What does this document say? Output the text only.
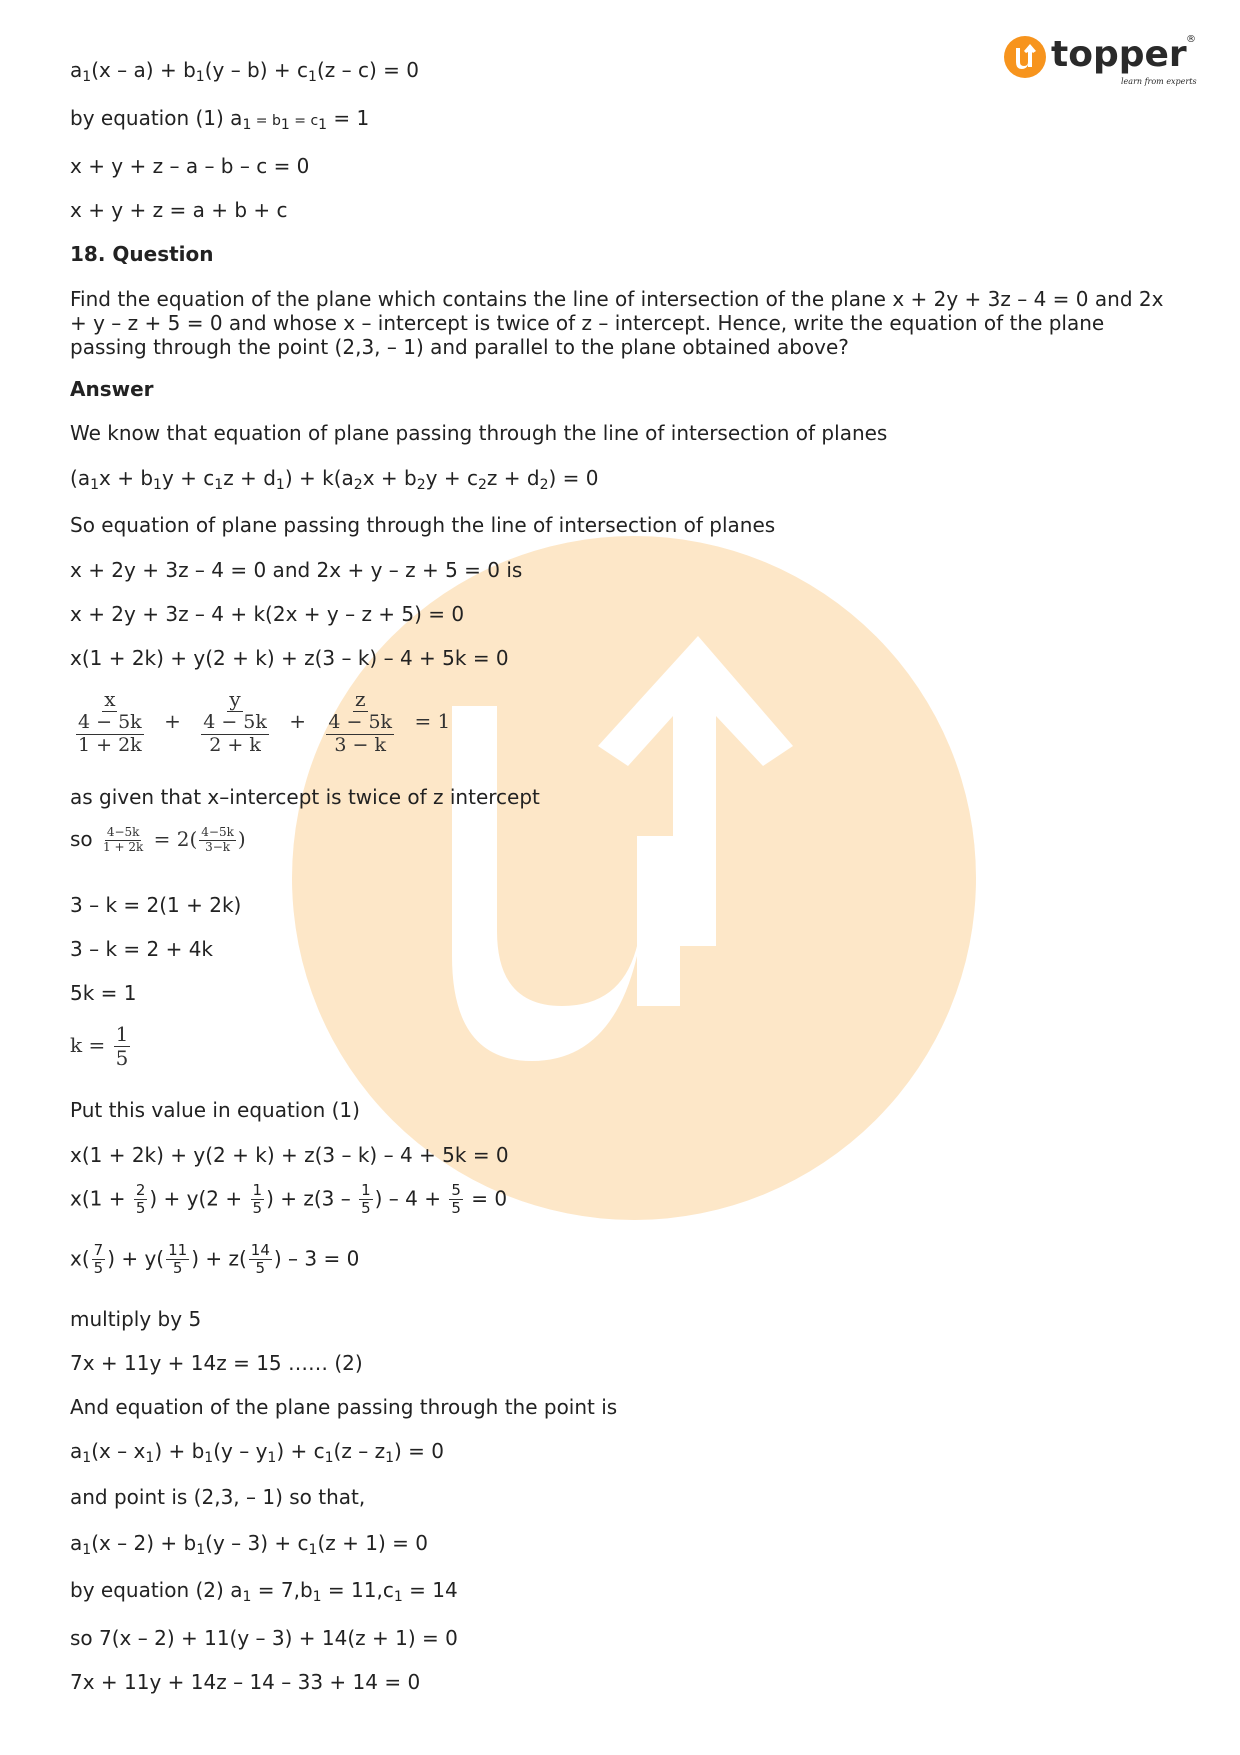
topper ®
learn from experts
$a_1(x - a) + b_1(y - b) + c_1(z - c) = 0$
by equation (1) $a_1 = b_1 = c_1 = 1$
x + y + z – a – b – c = 0
x + y + z = a + b + c
18. Question
Find the equation of the plane which contains the line of intersection of the plane x + 2y + 3z – 4 = 0 and 2x + y – z + 5 = 0 and whose x – intercept is twice of z – intercept. Hence, write the equation of the plane passing through the point (2,3, – 1) and parallel to the plane obtained above?
Answer
We know that equation of plane passing through the line of intersection of planes
$(a_1x + b_1y + c_1z + d_1) + k(a_2x + b_2y + c_2z + d_2) = 0$
So equation of plane passing through the line of intersection of planes
x + 2y + 3z – 4 = 0 and 2x + y – z + 5 = 0 is
x + 2y + 3z – 4 + k(2x + y – z + 5) = 0
x(1 + 2k) + y(2 + k) + z(3 – k) – 4 + 5k = 0
$\frac{x}{\frac{4 - 5k}{1 + 2k}} + \frac{y}{\frac{4 - 5k}{2 + k}} + \frac{z}{\frac{4 - 5k}{3 - k}} = 1$
as given that x–intercept is twice of z intercept
so $\frac{4-5k}{1 + 2k} = 2( \frac{4-5k}{3-k}$ )
3 – k = 2(1 + 2k)
3 – k = 2 + 4k
5k = 1
$k = \frac{1}{5}$
Put this value in equation (1)
x(1 + 2k) + y(2 + k) + z(3 – k) – 4 + 5k = 0
$x(1 + \frac{2}{5}$ ) + $y(2 + \frac{1}{5}$ ) + $z(3 - \frac{1}{5}$ ) – $4 + \frac{5}{5} = 0$
$x( \frac{7}{5}$ ) + $y( \frac{11}{5}$ ) + $z( \frac{14}{5}$ ) – 3 = 0
multiply by 5
7x + 11y + 14z = 15 …… (2)
And equation of the plane passing through the point is
$a_1(x - x_1) + b_1(y - y_1) + c_1(z - z_1) = 0$
and point is (2,3, – 1) so that,
$a_1(x - 2) + b_1(y - 3) + c_1(z + 1) = 0$
by equation (2) $a_1 = 7,b_1 = 11,c_1 = 14$
so 7(x – 2) + 11(y – 3) + 14(z + 1) = 0
7x + 11y + 14z – 14 – 33 + 14 = 0
